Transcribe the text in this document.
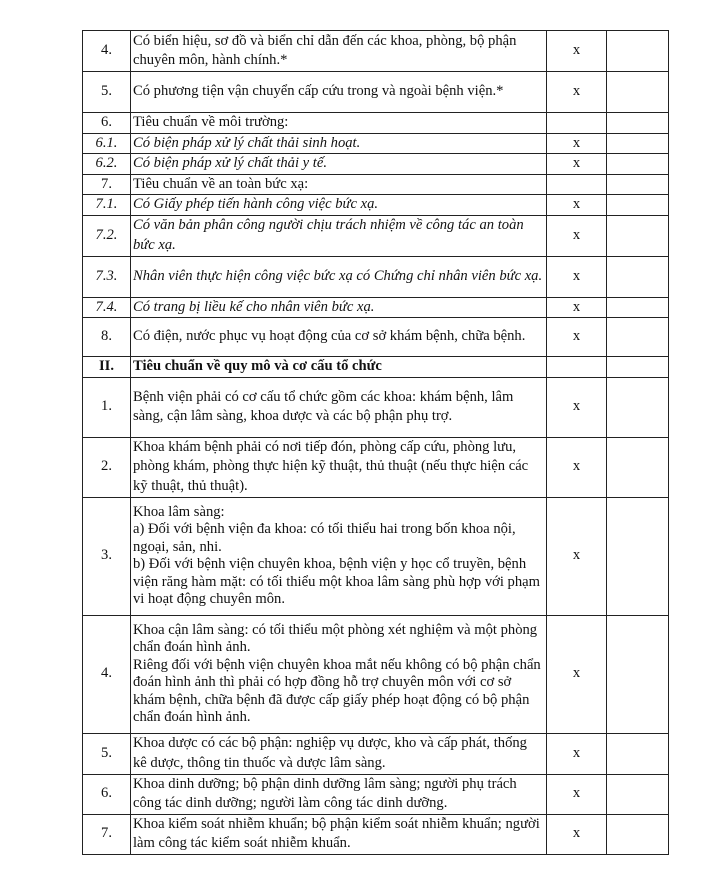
4.	Có biển hiệu, sơ đồ và biển chỉ dẫn đến các khoa, phòng, bộ phận chuyên môn, hành chính.*	x	
5.	Có phương tiện vận chuyển cấp cứu trong và ngoài bệnh viện.*	x	
6.	Tiêu chuẩn về môi trường:		
6.1.	Có biện pháp xử lý chất thải sinh hoạt.	x	
6.2.	Có biện pháp xử lý chất thải y tế.	x	
7.	Tiêu chuẩn về an toàn bức xạ:		
7.1.	Có Giấy phép tiến hành công việc bức xạ.	x	
7.2.	Có văn bản phân công người chịu trách nhiệm về công tác an toàn bức xạ.	x	
7.3.	Nhân viên thực hiện công việc bức xạ có Chứng chỉ nhân viên bức xạ.	x	
7.4.	Có trang bị liều kế cho nhân viên bức xạ.	x	
8.	Có điện, nước phục vụ hoạt động của cơ sở khám bệnh, chữa bệnh.	x	
II.	Tiêu chuẩn về quy mô và cơ cấu tổ chức		
1.	Bệnh viện phải có cơ cấu tổ chức gồm các khoa: khám bệnh, lâm sàng, cận lâm sàng, khoa dược và các bộ phận phụ trợ.	x	
2.	Khoa khám bệnh phải có nơi tiếp đón, phòng cấp cứu, phòng lưu, phòng khám, phòng thực hiện kỹ thuật, thủ thuật (nếu thực hiện các kỹ thuật, thủ thuật).	x	
3.	Khoa lâm sàng:
a) Đối với bệnh viện đa khoa: có tối thiểu hai trong bốn khoa nội, ngoại, sản, nhi.
b) Đối với bệnh viện chuyên khoa, bệnh viện y học cổ truyền, bệnh viện răng hàm mặt: có tối thiểu một khoa lâm sàng phù hợp với phạm vi hoạt động chuyên môn.	x	
4.	Khoa cận lâm sàng: có tối thiểu một phòng xét nghiệm và một phòng chẩn đoán hình ảnh.
Riêng đối với bệnh viện chuyên khoa mắt nếu không có bộ phận chẩn đoán hình ảnh thì phải có hợp đồng hỗ trợ chuyên môn với cơ sở khám bệnh, chữa bệnh đã được cấp giấy phép hoạt động có bộ phận chẩn đoán hình ảnh.	x	
5.	Khoa dược có các bộ phận: nghiệp vụ dược, kho và cấp phát, thống kê dược, thông tin thuốc và dược lâm sàng.	x	
6.	Khoa dinh dưỡng; bộ phận dinh dưỡng lâm sàng; người phụ trách công tác dinh dưỡng; người làm công tác dinh dưỡng.	x	
7.	Khoa kiểm soát nhiễm khuẩn; bộ phận kiểm soát nhiễm khuẩn; người làm công tác kiểm soát nhiễm khuẩn.	x	
